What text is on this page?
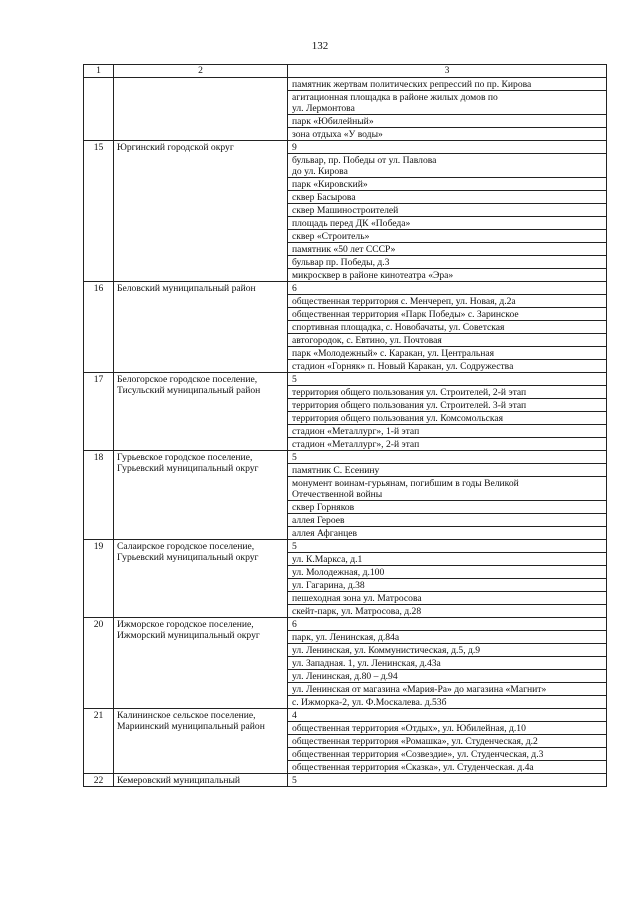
132
1	2	3

		памятник жертвам политических репрессий по пр. Кирова

		агитационная площадка в районе жилых домов по
ул. Лермонтова

		парк «Юбилейный»

		зона отдыха «У воды»

15	Юргинский городской округ	9

		бульвар, пр. Победы от ул. Павлова
до ул. Кирова

		парк «Кировский»

		сквер Басырова

		сквер Машиностроителей

		площадь перед ДК «Победа»

		сквер «Строитель»

		памятник «50 лет СССР»

		бульвар пр. Победы, д.3

		микросквер в районе кинотеатра «Эра»

16	Беловский муниципальный район	6

		общественная территория с. Менчереп, ул. Новая, д.2а

		общественная территория «Парк Победы» с. Заринское

		спортивная площадка, с. Новобачаты, ул. Советская

		автогородок, с. Евтино, ул. Почтовая

		парк «Молодежный» с. Каракан, ул. Центральная

		стадион «Горняк» п. Новый Каракан, ул. Содружества

17	Белогорское городское поселение, Тисульский муниципальный район	5

		территория общего пользования ул. Строителей, 2-й этап

		территория общего пользования ул. Строителей. 3-й этап

		территория общего пользования ул. Комсомольская

		стадион «Металлург», 1-й этап

		стадион «Металлург», 2-й этап

18	Гурьевское городское поселение, Гурьевский муниципальный округ	5

		памятник С. Есенину

		монумент воинам-гурьянам, погибшим в годы Великой
Отечественной войны

		сквер Горняков

		аллея Героев

		аллея Афганцев

19	Салаирское городское поселение, Гурьевский муниципальный округ	5

		ул. К.Маркса, д.1

		ул. Молодежная, д.100

		ул. Гагарина, д.38

		пешеходная зона ул. Матросова

		скейт-парк, ул. Матросова, д.28

20	Ижморское городское поселение, Ижморский муниципальный округ	6

		парк, ул. Ленинская, д.84а

		ул. Ленинская, ул. Коммунистическая, д.5, д.9

		ул. Западная. 1, ул. Ленинская, д.43а

		ул. Ленинская, д.80 – д.94

		ул. Ленинская от магазина «Мария-Ра» до магазина «Магнит»

		с. Ижморка-2, ул. Ф.Москалева. д.53б

21	Калининское сельское поселение, Мариинский муниципальный район	4

		общественная территория «Отдых», ул. Юбилейная, д.10

		общественная территория «Ромашка», ул. Студенческая, д.2

		общественная территория «Созвездие», ул. Студенческая, д.3

		общественная территория «Сказка», ул. Студенческая. д.4а

22	Кемеровский муниципальный	5
